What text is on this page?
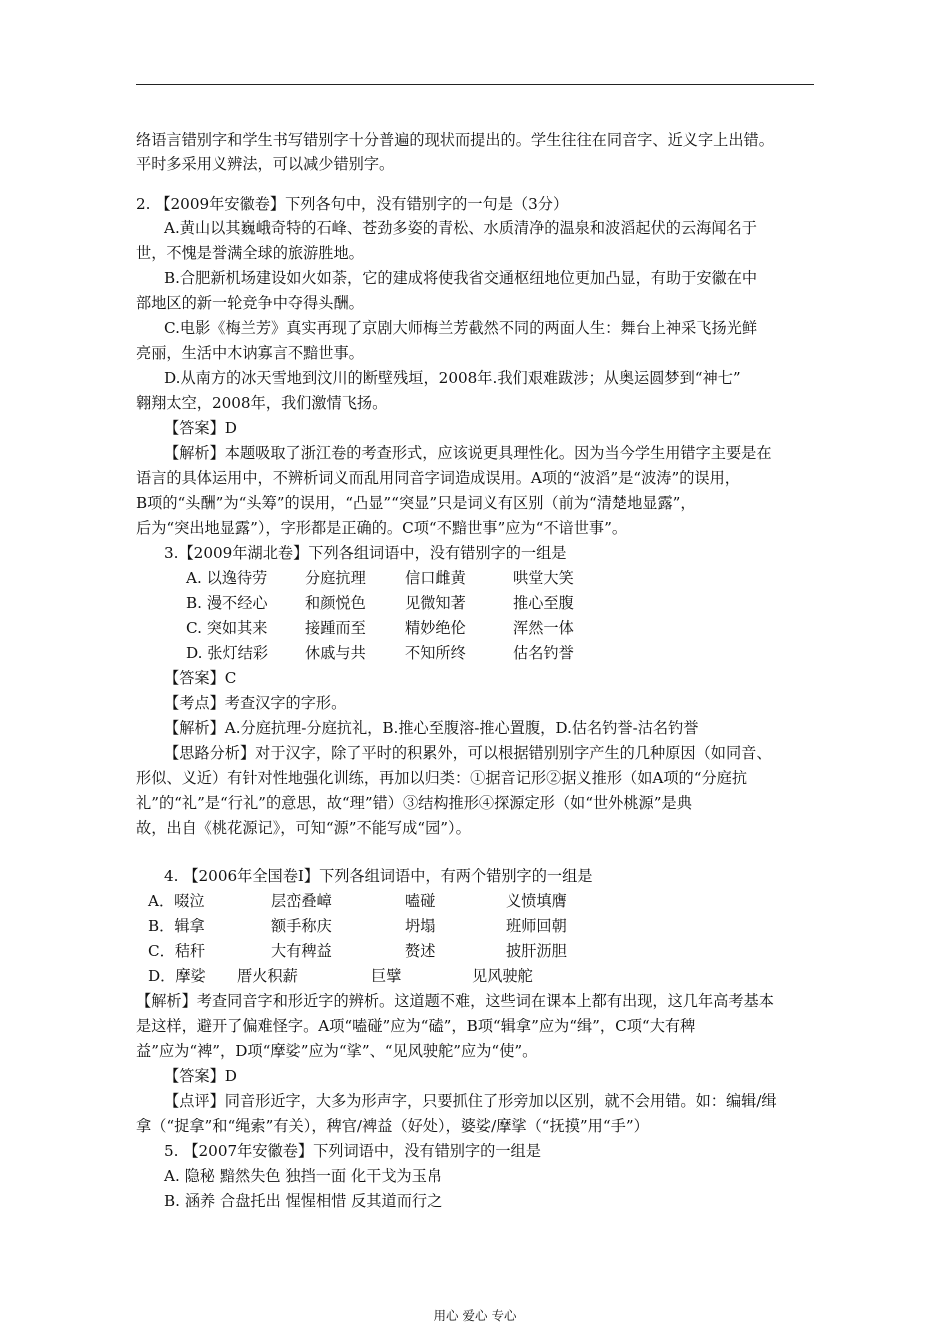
络语言错别字和学生书写错别字十分普遍的现状而提出的。学生往往在同音字、近义字上出错。
平时多采用义辨法，可以减少错别字。
2. 【2009年安徽卷】下列各句中，没有错别字的一句是（3分）
A.黄山以其巍峨奇特的石峰、苍劲多姿的青松、水质清净的温泉和波滔起伏的云海闻名于
世，不愧是誉满全球的旅游胜地。
B.合肥新机场建设如火如荼，它的建成将使我省交通枢纽地位更加凸显，有助于安徽在中
部地区的新一轮竞争中夺得头酬。
C.电影《梅兰芳》真实再现了京剧大师梅兰芳截然不同的两面人生：舞台上神采飞扬光鲜
亮丽，生活中木讷寡言不黯世事。
D.从南方的冰天雪地到汶川的断壁残垣，2008年.我们艰难跋涉；从奥运圆梦到“神七”
翱翔太空，2008年，我们激情飞扬。
【答案】D
【解析】本题吸取了浙江卷的考查形式，应该说更具理性化。因为当今学生用错字主要是在
语言的具体运用中，不辨析词义而乱用同音字词造成误用。A项的“波滔”是“波涛”的误用，
B项的“头酬”为“头筹”的误用，“凸显”“突显”只是词义有区别（前为“清楚地显露”，
后为“突出地显露”），字形都是正确的。C项“不黯世事”应为“不谙世事”。
3.【2009年湖北卷】下列各组词语中，没有错别字的一组是
A. 以逸待劳 分庭抗理	信口雌黄	哄堂大笑
B. 漫不经心 和颜悦色	见微知著	推心至腹
C. 突如其来 接踵而至	精妙绝伦	浑然一体
D. 张灯结彩 休戚与共	不知所终	估名钓誉
【答案】C
【考点】考查汉字的字形。
【解析】A.分庭抗理-分庭抗礼，B.推心至腹溶-推心置腹，D.估名钓誉-沽名钓誉
【思路分析】对于汉字，除了平时的积累外，可以根据错别别字产生的几种原因（如同音、
形似、义近）有针对性地强化训练，再加以归类：①据音记形②据义推形（如A项的“分庭抗
礼”的“礼”是“行礼”的意思，故“理”错）③结构推形④探源定形（如“世外桃源”是典
故，出自《桃花源记》，可知“源”不能写成“园”）。
4. 【2006年全国卷Ⅰ】下列各组词语中，有两个错别字的一组是
A．啜泣	层峦叠嶂	嗑碰	义愤填膺
B．辑拿	额手称庆	坍塌	班师回朝
C．秸秆	大有稗益	赘述	披肝沥胆
D．摩娑 厝火积薪	巨擘	见风驶舵
【解析】考查同音字和形近字的辨析。这道题不难，这些词在课本上都有出现，这几年高考基本
是这样，避开了偏难怪字。A项“嗑碰”应为“磕”，B项“辑拿”应为“缉”，C项“大有稗
益”应为“裨”，D项“摩娑”应为“挲”、“见风驶舵”应为“使”。
【答案】D
【点评】同音形近字，大多为形声字，只要抓住了形旁加以区别，就不会用错。如：编辑/缉
拿（“捉拿”和“绳索”有关），稗官/裨益（好处），婆娑/摩挲（“抚摸”用“手”）
5. 【2007年安徽卷】下列词语中，没有错别字的一组是
A. 隐秘 黯然失色 独挡一面 化干戈为玉帛
B. 涵养 合盘托出 惺惺相惜 反其道而行之
用心 爱心 专心
